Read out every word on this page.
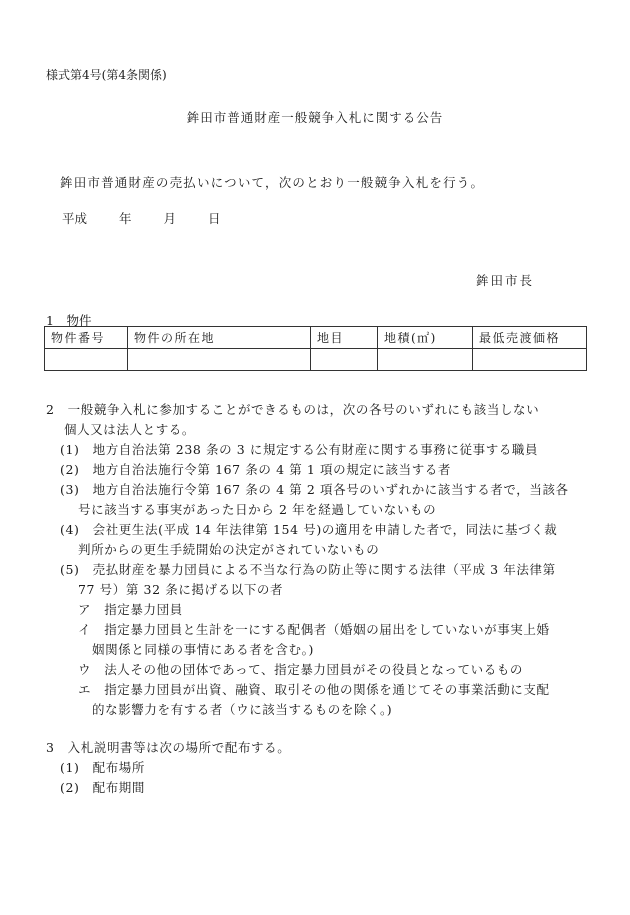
様式第4号(第4条関係)
鉾田市普通財産一般競争入札に関する公告
鉾田市普通財産の売払いについて，次のとおり一般競争入札を行う。
平成	年	月	日
鉾田市長
1　物件
物件番号	物件の所在地	地目	地積(㎡)	最低売渡価格

2　一般競争入札に参加することができるものは，次の各号のいずれにも該当しない
個人又は法人とする。
(1)　地方自治法第 238 条の 3 に規定する公有財産に関する事務に従事する職員
(2)　地方自治法施行令第 167 条の 4 第 1 項の規定に該当する者
(3)　地方自治法施行令第 167 条の 4 第 2 項各号のいずれかに該当する者で，当該各
号に該当する事実があった日から 2 年を経過していないもの
(4)　会社更生法(平成 14 年法律第 154 号)の適用を申請した者で，同法に基づく裁
判所からの更生手続開始の決定がされていないもの
(5)　売払財産を暴力団員による不当な行為の防止等に関する法律（平成 3 年法律第
77 号）第 32 条に掲げる以下の者
ア　指定暴力団員
イ　指定暴力団員と生計を一にする配偶者（婚姻の届出をしていないが事実上婚
姻関係と同様の事情にある者を含む。)
ウ　法人その他の団体であって、指定暴力団員がその役員となっているもの
エ　指定暴力団員が出資、融資、取引その他の関係を通じてその事業活動に支配
的な影響力を有する者（ウに該当するものを除く。)
3　入札説明書等は次の場所で配布する。
(1)　配布場所
(2)　配布期間
